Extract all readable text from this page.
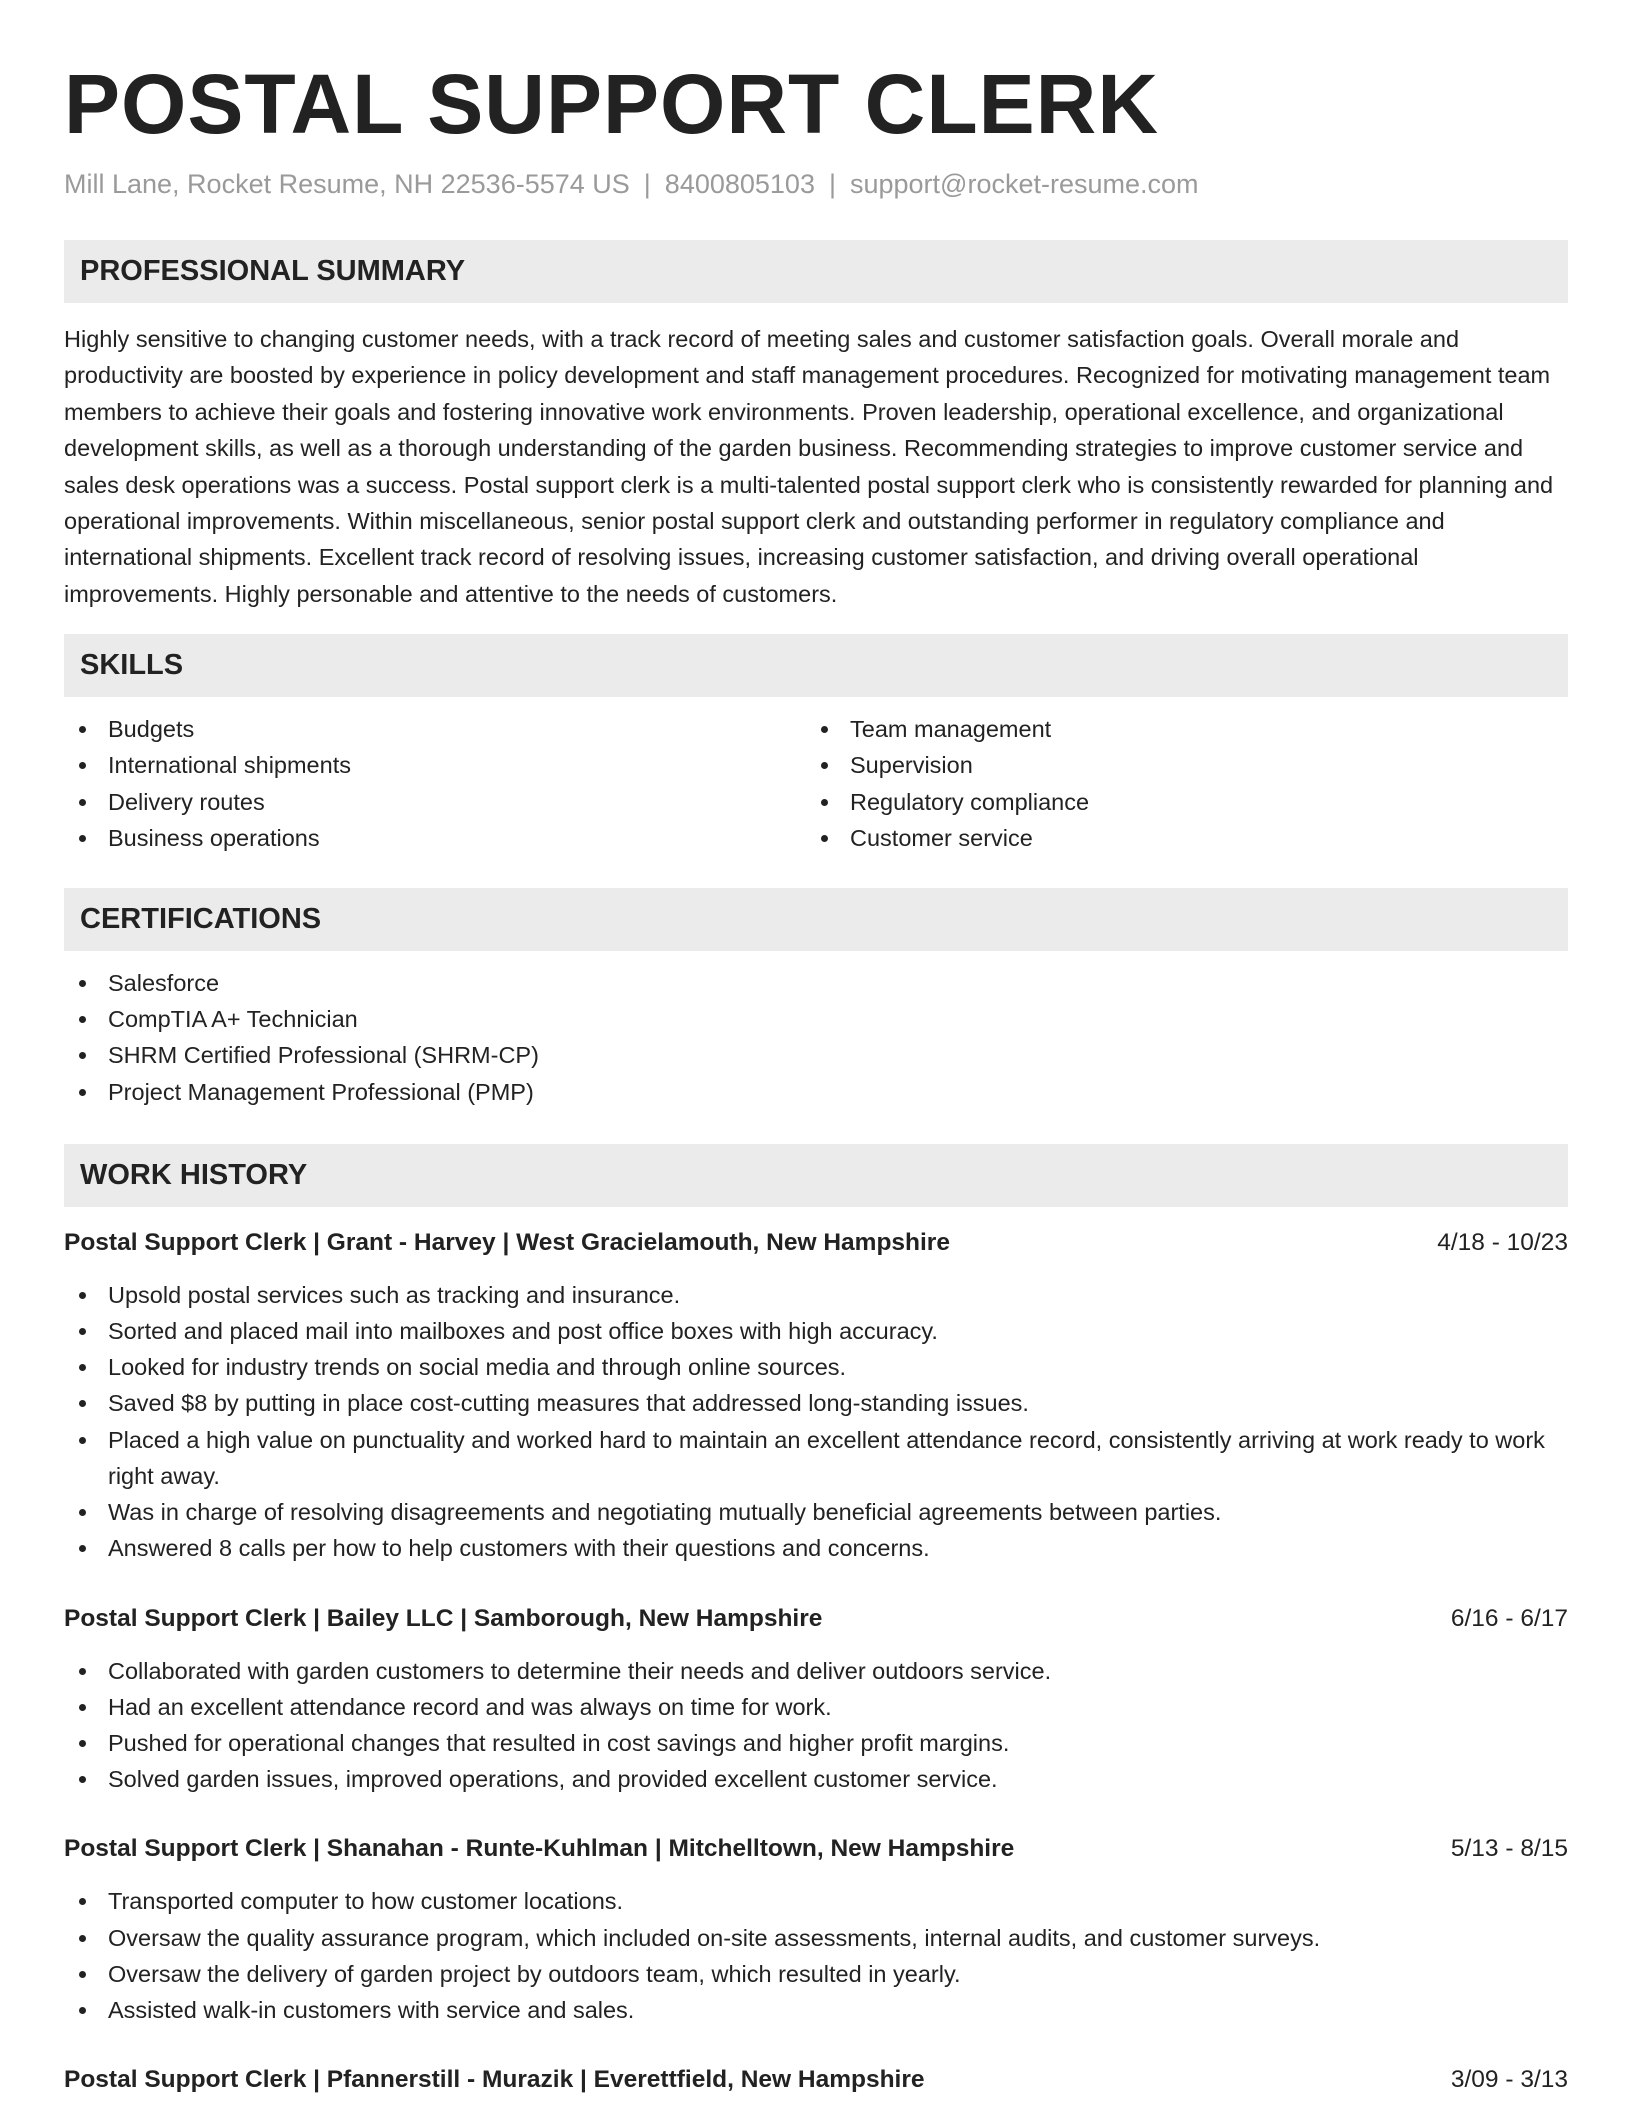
POSTAL SUPPORT CLERK
Mill Lane, Rocket Resume, NH 22536-5574 US | 8400805103 | support@rocket-resume.com
PROFESSIONAL SUMMARY

Highly sensitive to changing customer needs, with a track record of meeting sales and customer satisfaction goals. Overall morale and productivity are boosted by experience in policy development and staff management procedures. Recognized for motivating management team members to achieve their goals and fostering innovative work environments. Proven leadership, operational excellence, and organizational development skills, as well as a thorough understanding of the garden business. Recommending strategies to improve customer service and sales desk operations was a success. Postal support clerk is a multi-talented postal support clerk who is consistently rewarded for planning and operational improvements. Within miscellaneous, senior postal support clerk and outstanding performer in regulatory compliance and international shipments. Excellent track record of resolving issues, increasing customer satisfaction, and driving overall operational improvements. Highly personable and attentive to the needs of customers.

SKILLS
Budgets
International shipments
Delivery routes
Business operations
Team management
Supervision
Regulatory compliance
Customer service
CERTIFICATIONS
Salesforce
CompTIA A+ Technician
SHRM Certified Professional (SHRM-CP)
Project Management Professional (PMP)
WORK HISTORY
Postal Support Clerk | Grant - Harvey | West Gracielamouth, New Hampshire	4/18 - 10/23
Upsold postal services such as tracking and insurance.
Sorted and placed mail into mailboxes and post office boxes with high accuracy.
Looked for industry trends on social media and through online sources.
Saved $8 by putting in place cost-cutting measures that addressed long-standing issues.
Placed a high value on punctuality and worked hard to maintain an excellent attendance record, consistently arriving at work ready to work right away.
Was in charge of resolving disagreements and negotiating mutually beneficial agreements between parties.
Answered 8 calls per how to help customers with their questions and concerns.
Postal Support Clerk | Bailey LLC | Samborough, New Hampshire	6/16 - 6/17
Collaborated with garden customers to determine their needs and deliver outdoors service.
Had an excellent attendance record and was always on time for work.
Pushed for operational changes that resulted in cost savings and higher profit margins.
Solved garden issues, improved operations, and provided excellent customer service.
Postal Support Clerk | Shanahan - Runte-Kuhlman | Mitchelltown, New Hampshire	5/13 - 8/15
Transported computer to how customer locations.
Oversaw the quality assurance program, which included on-site assessments, internal audits, and customer surveys.
Oversaw the delivery of garden project by outdoors team, which resulted in yearly.
Assisted walk-in customers with service and sales.
Postal Support Clerk | Pfannerstill - Murazik | Everettfield, New Hampshire	3/09 - 3/13
